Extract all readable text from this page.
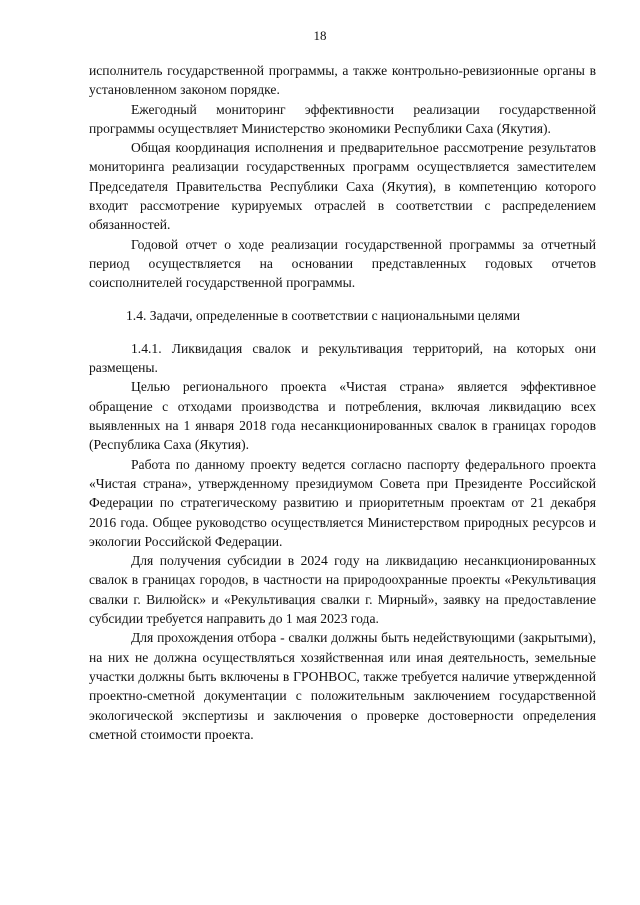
18

исполнитель государственной программы, а также контрольно-ревизионные органы в установленном законом порядке.

Ежегодный мониторинг эффективности реализации государственной программы осуществляет Министерство экономики Республики Саха (Якутия).

Общая координация исполнения и предварительное рассмотрение результатов мониторинга реализации государственных программ осуществляется заместителем Председателя Правительства Республики Саха (Якутия), в компетенцию которого входит рассмотрение курируемых отраслей в соответствии с распределением обязанностей.

Годовой отчет о ходе реализации государственной программы за отчетный период осуществляется на основании представленных годовых отчетов соисполнителей государственной программы.

1.4. Задачи, определенные в соответствии с национальными целями

1.4.1. Ликвидация свалок и рекультивация территорий, на которых они размещены.

Целью регионального проекта «Чистая страна» является эффективное обращение с отходами производства и потребления, включая ликвидацию всех выявленных на 1 января 2018 года несанкционированных свалок в границах городов (Республика Саха (Якутия).

Работа по данному проекту ведется согласно паспорту федерального проекта «Чистая страна», утвержденному президиумом Совета при Президенте Российской Федерации по стратегическому развитию и приоритетным проектам от 21 декабря 2016 года. Общее руководство осуществляется Министерством природных ресурсов и экологии Российской Федерации.

Для получения субсидии в 2024 году на ликвидацию несанкционированных свалок в границах городов, в частности на природоохранные проекты «Рекультивация свалки г. Вилюйск» и «Рекультивация свалки г. Мирный», заявку на предоставление субсидии требуется направить до 1 мая 2023 года.

Для прохождения отбора - свалки должны быть недействующими (закрытыми), на них не должна осуществляться хозяйственная или иная деятельность, земельные участки должны быть включены в ГРОНВОС, также требуется наличие утвержденной проектно-сметной документации с положительным заключением государственной экологической экспертизы и заключения о проверке достоверности определения сметной стоимости проекта.
